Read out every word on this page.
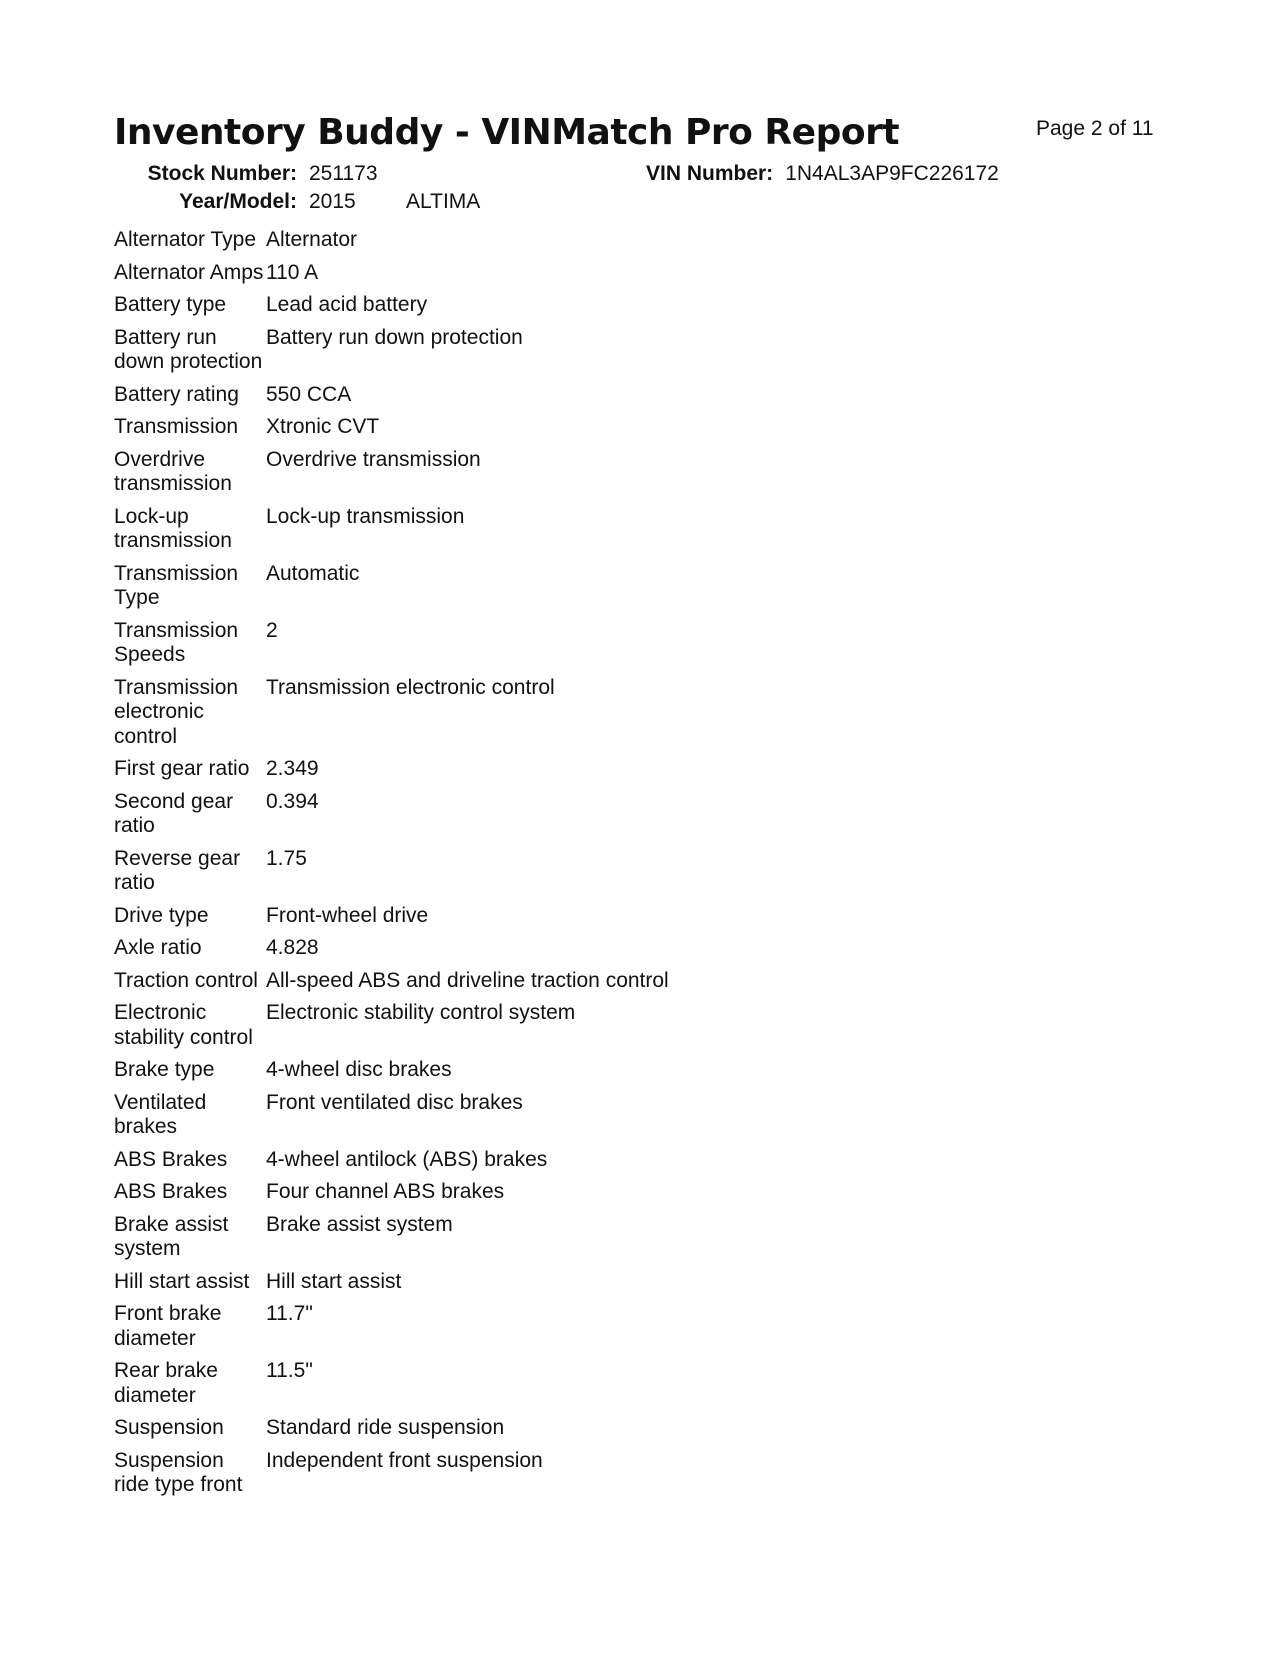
Inventory Buddy - VINMatch Pro Report	Page 2 of 11
Stock Number: 251173
Year/Model: 2015 ALTIMA
VIN Number: 1N4AL3AP9FC226172
Alternator Type	Alternator
Alternator Amps	110 A
Battery type	Lead acid battery
Battery run down protection	Battery run down protection
Battery rating	550 CCA
Transmission	Xtronic CVT
Overdrive transmission	Overdrive transmission
Lock-up transmission	Lock-up transmission
Transmission Type	Automatic
Transmission Speeds	2
Transmission electronic control	Transmission electronic control
First gear ratio	2.349
Second gear ratio	0.394
Reverse gear ratio	1.75
Drive type	Front-wheel drive
Axle ratio	4.828
Traction control	All-speed ABS and driveline traction control
Electronic stability control	Electronic stability control system
Brake type	4-wheel disc brakes
Ventilated brakes	Front ventilated disc brakes
ABS Brakes	4-wheel antilock (ABS) brakes
ABS Brakes	Four channel ABS brakes
Brake assist system	Brake assist system
Hill start assist	Hill start assist
Front brake diameter	11.7"
Rear brake diameter	11.5"
Suspension	Standard ride suspension
Suspension ride type front	Independent front suspension
